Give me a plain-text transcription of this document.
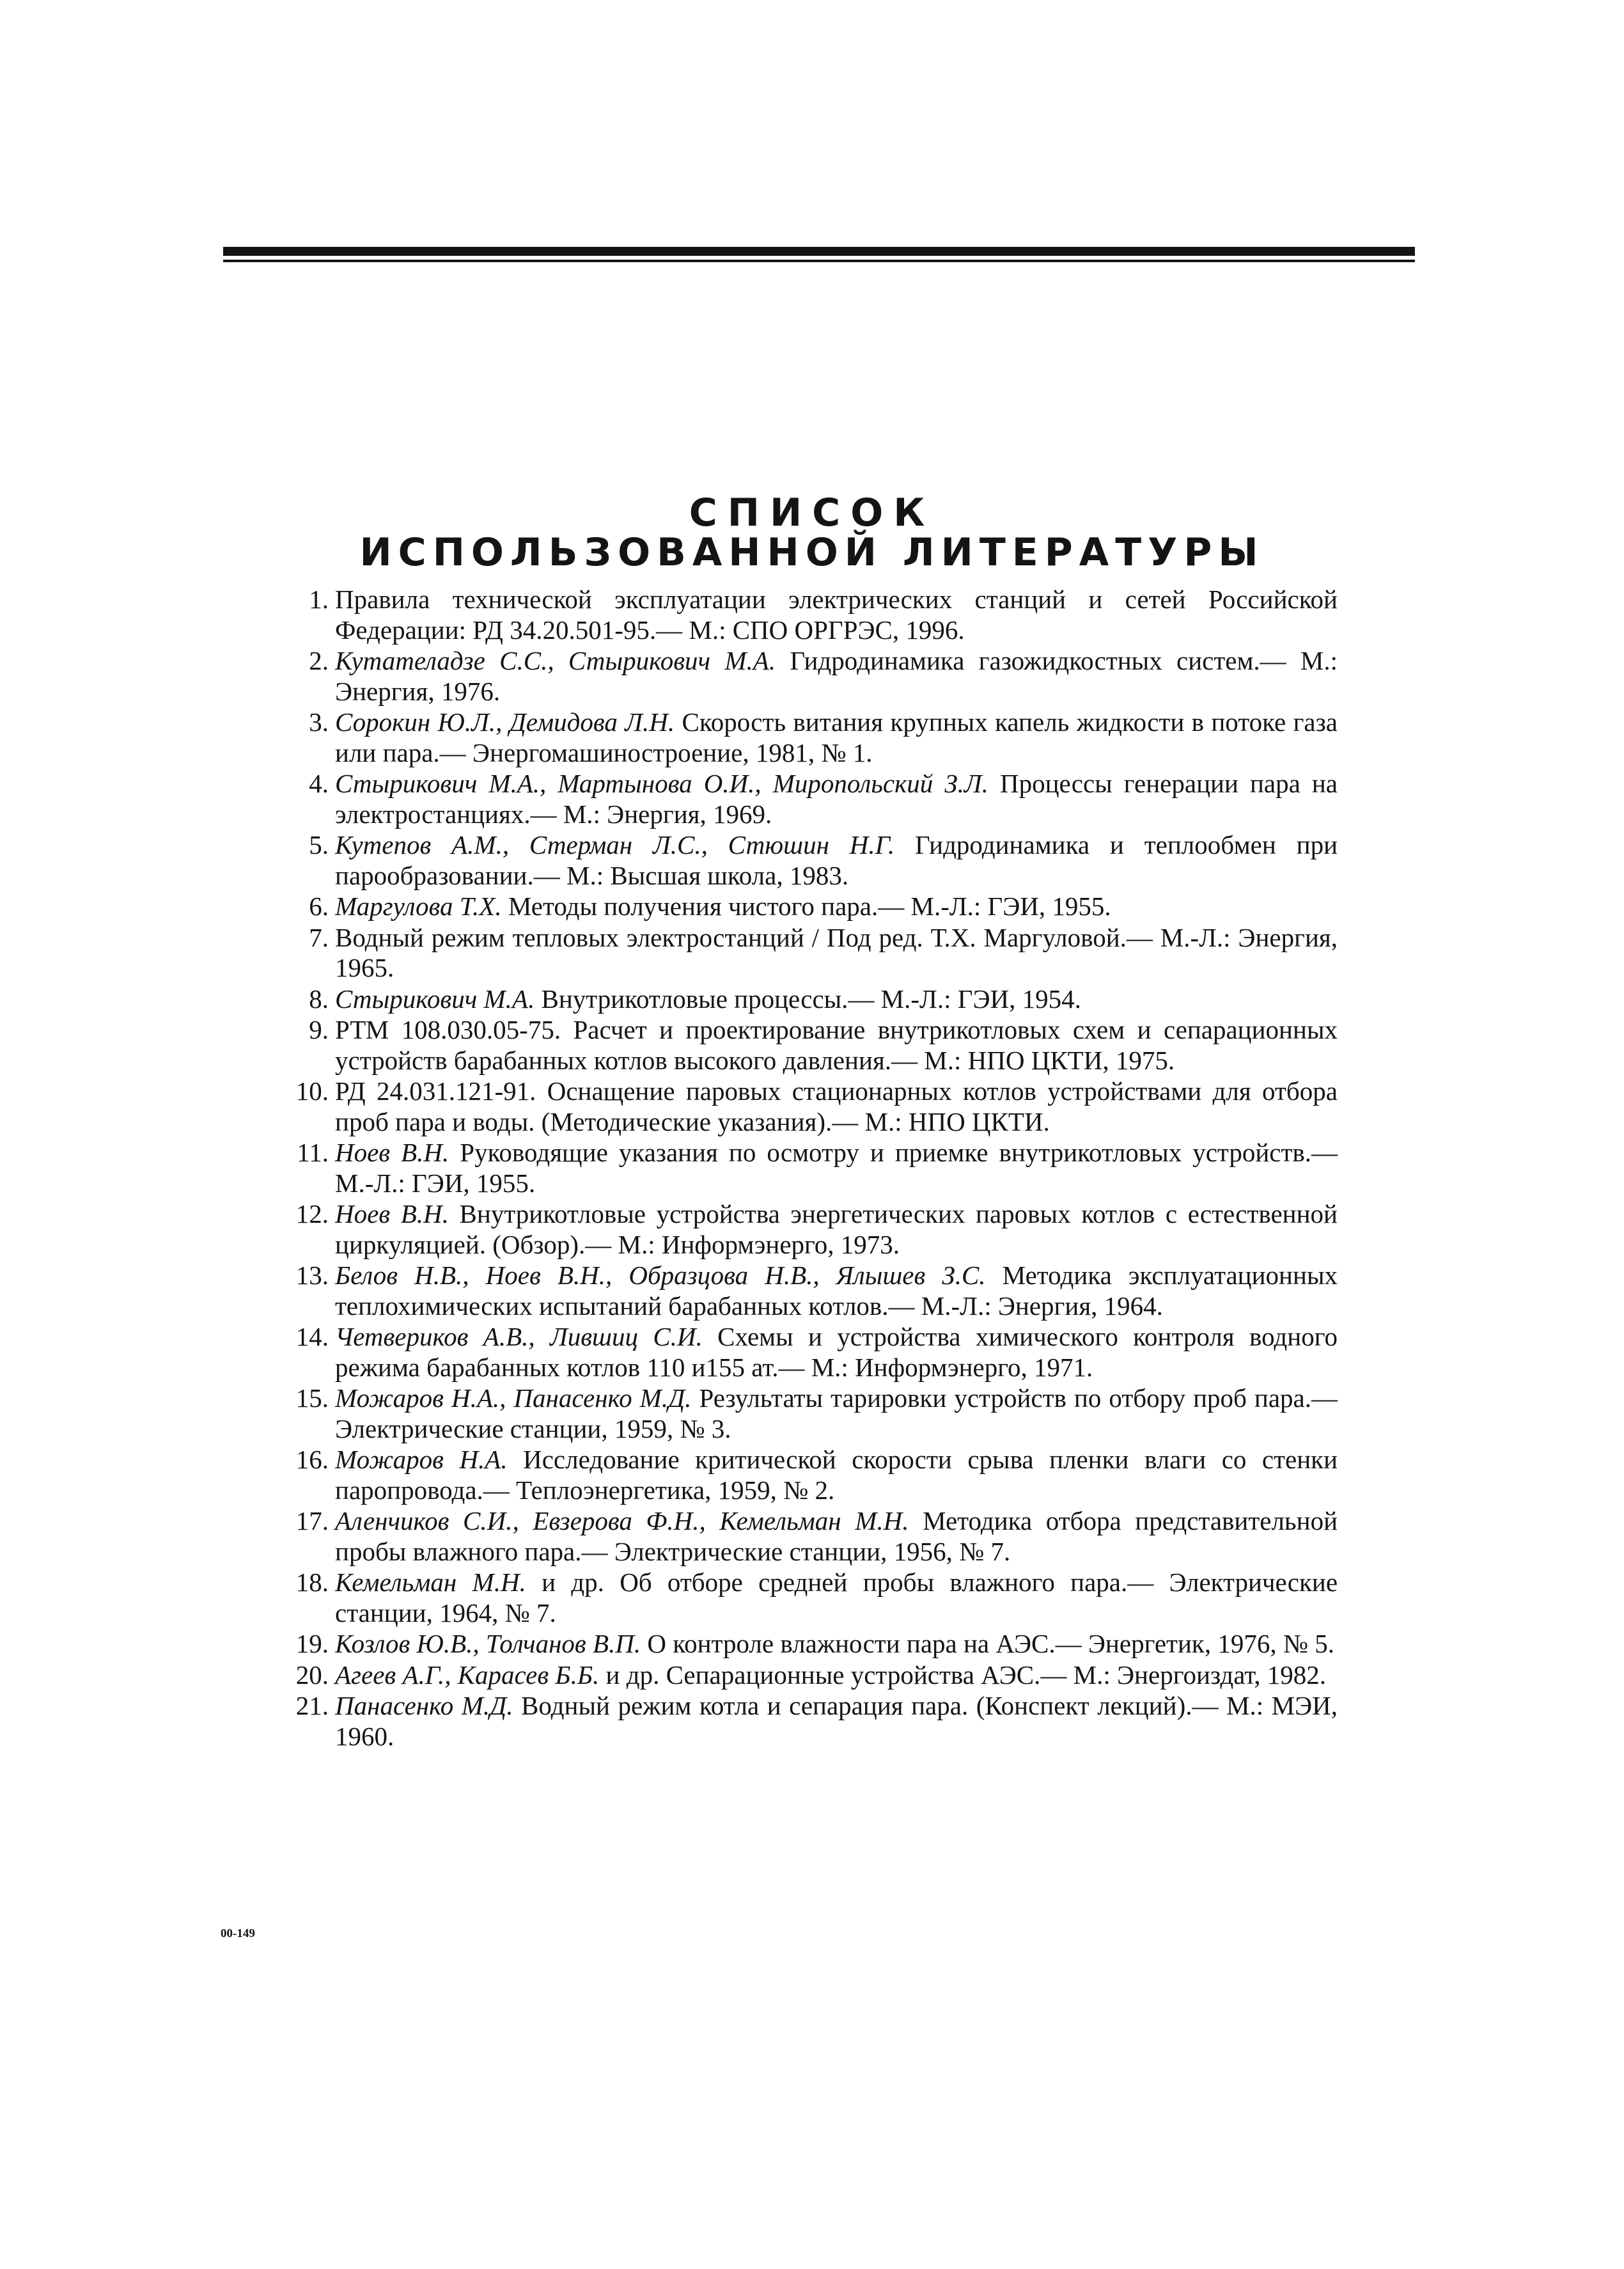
СПИСОК
ИСПОЛЬЗОВАННОЙ ЛИТЕРАТУРЫ
1. Правила технической эксплуатации электрических станций и сетей Российской Федерации: РД 34.20.501-95.— М.: СПО ОРГРЭС, 1996.
2. Кутателадзе С.С., Стырикович М.А. Гидродинамика газожидкостных систем.— М.: Энергия, 1976.
3. Сорокин Ю.Л., Демидова Л.Н. Скорость витания крупных капель жидкости в потоке газа или пара.— Энергомашиностроение, 1981, № 1.
4. Стырикович М.А., Мартынова О.И., Миропольский З.Л. Процессы генерации пара на электростанциях.— М.: Энергия, 1969.
5. Кутепов А.М., Стерман Л.С., Стюшин Н.Г. Гидродинамика и теплообмен при парообразовании.— М.: Высшая школа, 1983.
6. Маргулова Т.Х. Методы получения чистого пара.— М.-Л.: ГЭИ, 1955.
7. Водный режим тепловых электростанций / Под ред. Т.Х. Маргуловой.— М.-Л.: Энергия, 1965.
8. Стырикович М.А. Внутрикотловые процессы.— М.-Л.: ГЭИ, 1954.
9. РТМ 108.030.05-75. Расчет и проектирование внутрикотловых схем и сепарационных устройств барабанных котлов высокого давления.— М.: НПО ЦКТИ, 1975.
10. РД 24.031.121-91. Оснащение паровых стационарных котлов устройствами для отбора проб пара и воды. (Методические указания).— М.: НПО ЦКТИ.
11. Ноев В.Н. Руководящие указания по осмотру и приемке внутрикотловых устройств.— М.-Л.: ГЭИ, 1955.
12. Ноев В.Н. Внутрикотловые устройства энергетических паровых котлов с естественной циркуляцией. (Обзор).— М.: Информэнерго, 1973.
13. Белов Н.В., Ноев В.Н., Образцова Н.В., Ялышев З.С. Методика эксплуатационных теплохимических испытаний барабанных котлов.— М.-Л.: Энергия, 1964.
14. Четвериков А.В., Лившиц С.И. Схемы и устройства химического контроля водного режима барабанных котлов 110 и155 ат.— М.: Информэнерго, 1971.
15. Можаров Н.А., Панасенко М.Д. Результаты тарировки устройств по отбору проб пара.— Электрические станции, 1959, № 3.
16. Можаров Н.А. Исследование критической скорости срыва пленки влаги со стенки паропровода.— Теплоэнергетика, 1959, № 2.
17. Аленчиков С.И., Евзерова Ф.Н., Кемельман М.Н. Методика отбора представительной пробы влажного пара.— Электрические станции, 1956, № 7.
18. Кемельман М.Н. и др. Об отборе средней пробы влажного пара.— Электрические станции, 1964, № 7.
19. Козлов Ю.В., Толчанов В.П. О контроле влажности пара на АЭС.— Энергетик, 1976, № 5.
20. Агеев А.Г., Карасев Б.Б. и др. Сепарационные устройства АЭС.— М.: Энергоиздат, 1982.
21. Панасенко М.Д. Водный режим котла и сепарация пара. (Конспект лекций).— М.: МЭИ, 1960.
00-149
